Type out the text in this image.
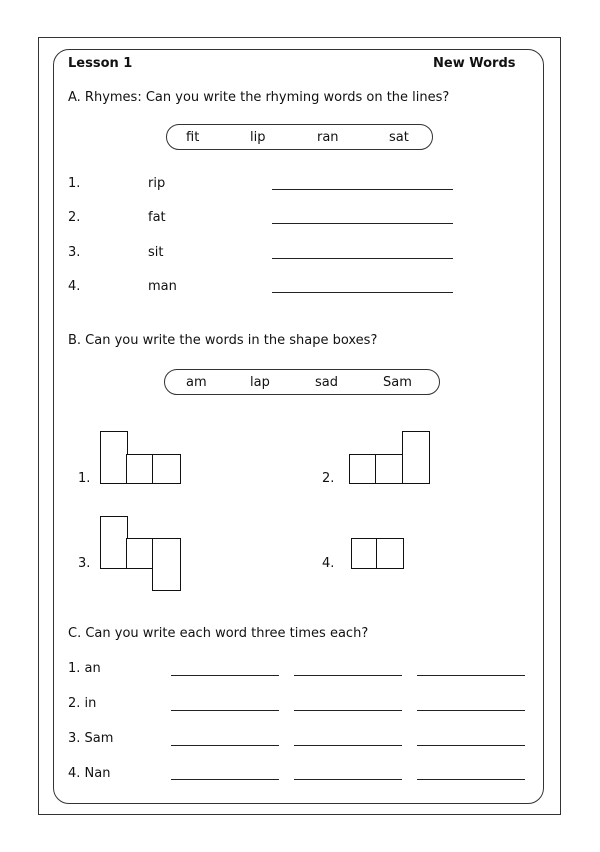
Lesson 1	New Words
A. Rhymes: Can you write the rhyming words on the lines?
fit	lip	ran	sat
1.	rip
2.	fat
3.	sit
4.	man
B. Can you write the words in the shape boxes?
am	lap	sad	Sam
1.	2.
3.	4.
C. Can you write each word three times each?
1. an
2. in
3. Sam
4. Nan
